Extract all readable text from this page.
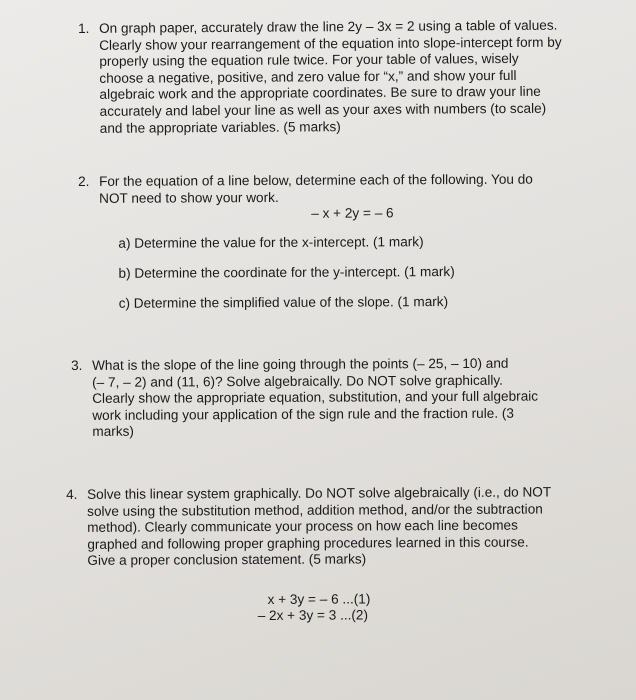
1. On graph paper, accurately draw the line 2y – 3x = 2 using a table of values.
Clearly show your rearrangement of the equation into slope-intercept form by
properly using the equation rule twice. For your table of values, wisely
choose a negative, positive, and zero value for “x,” and show your full
algebraic work and the appropriate coordinates. Be sure to draw your line
accurately and label your line as well as your axes with numbers (to scale)
and the appropriate variables. (5 marks)
2. For the equation of a line below, determine each of the following. You do
NOT need to show your work.
– x + 2y = – 6
a) Determine the value for the x-intercept. (1 mark)
b) Determine the coordinate for the y-intercept. (1 mark)
c) Determine the simplified value of the slope. (1 mark)
3. What is the slope of the line going through the points (– 25, – 10) and
(– 7, – 2) and (11, 6)? Solve algebraically. Do NOT solve graphically.
Clearly show the appropriate equation, substitution, and your full algebraic
work including your application of the sign rule and the fraction rule. (3
marks)
4. Solve this linear system graphically. Do NOT solve algebraically (i.e., do NOT
solve using the substitution method, addition method, and/or the subtraction
method). Clearly communicate your process on how each line becomes
graphed and following proper graphing procedures learned in this course.
Give a proper conclusion statement. (5 marks)
x + 3y = – 6 ...(1)
– 2x + 3y = 3 ...(2)
